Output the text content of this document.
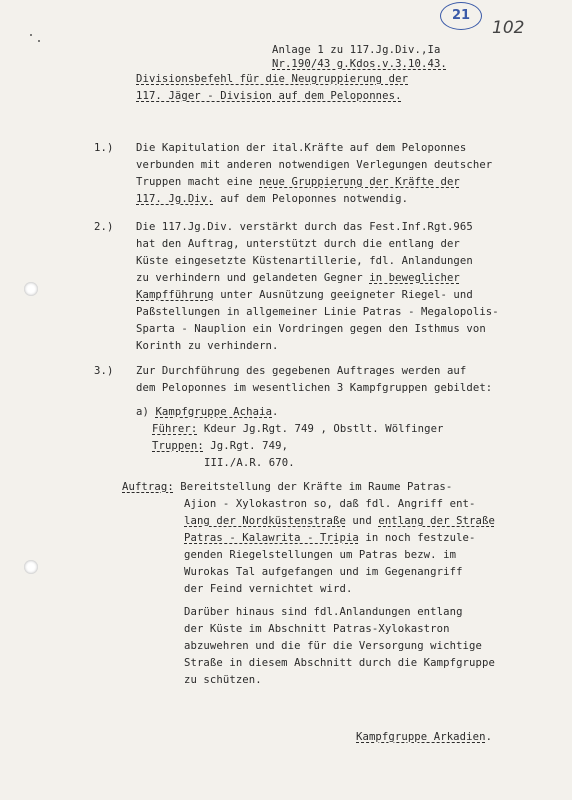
21
102
Anlage 1 zu 117.Jg.Div.,Ia
Nr.190/43 g.Kdos.v.3.10.43.
Divisionsbefehl für die Neugruppierung der
117. Jäger - Division auf dem Peloponnes.
1.) Die Kapitulation der ital.Kräfte auf dem Peloponnes
verbunden mit anderen notwendigen Verlegungen deutscher
Truppen macht eine neue Gruppierung der Kräfte der
117. Jg.Div. auf dem Peloponnes notwendig.
2.) Die 117.Jg.Div. verstärkt durch das Fest.Inf.Rgt.965
hat den Auftrag, unterstützt durch die entlang der
Küste eingesetzte Küstenartillerie, fdl. Anlandungen
zu verhindern und gelandeten Gegner in beweglicher
Kampfführung unter Ausnützung geeigneter Riegel- und
Paßstellungen in allgemeiner Linie Patras - Megalopolis-
Sparta - Nauplion ein Vordringen gegen den Isthmus von
Korinth zu verhindern.
3.) Zur Durchführung des gegebenen Auftrages werden auf
dem Peloponnes im wesentlichen 3 Kampfgruppen gebildet:
a) Kampfgruppe Achaia.
Führer: Kdeur Jg.Rgt. 749 , Obstlt. Wölfinger
Truppen: Jg.Rgt. 749,
III./A.R. 670.
Auftrag: Bereitstellung der Kräfte im Raume Patras-
Ajion - Xylokastron so, daß fdl. Angriff ent-
lang der Nordküstenstraße und entlang der Straße
Patras - Kalawrita - Tripia in noch festzule-
genden Riegelstellungen um Patras bezw. im
Wurokas Tal aufgefangen und im Gegenangriff
der Feind vernichtet wird.
Darüber hinaus sind fdl.Anlandungen entlang
der Küste im Abschnitt Patras-Xylokastron
abzuwehren und die für die Versorgung wichtige
Straße in diesem Abschnitt durch die Kampfgruppe
zu schützen.
Kampfgruppe Arkadien.
